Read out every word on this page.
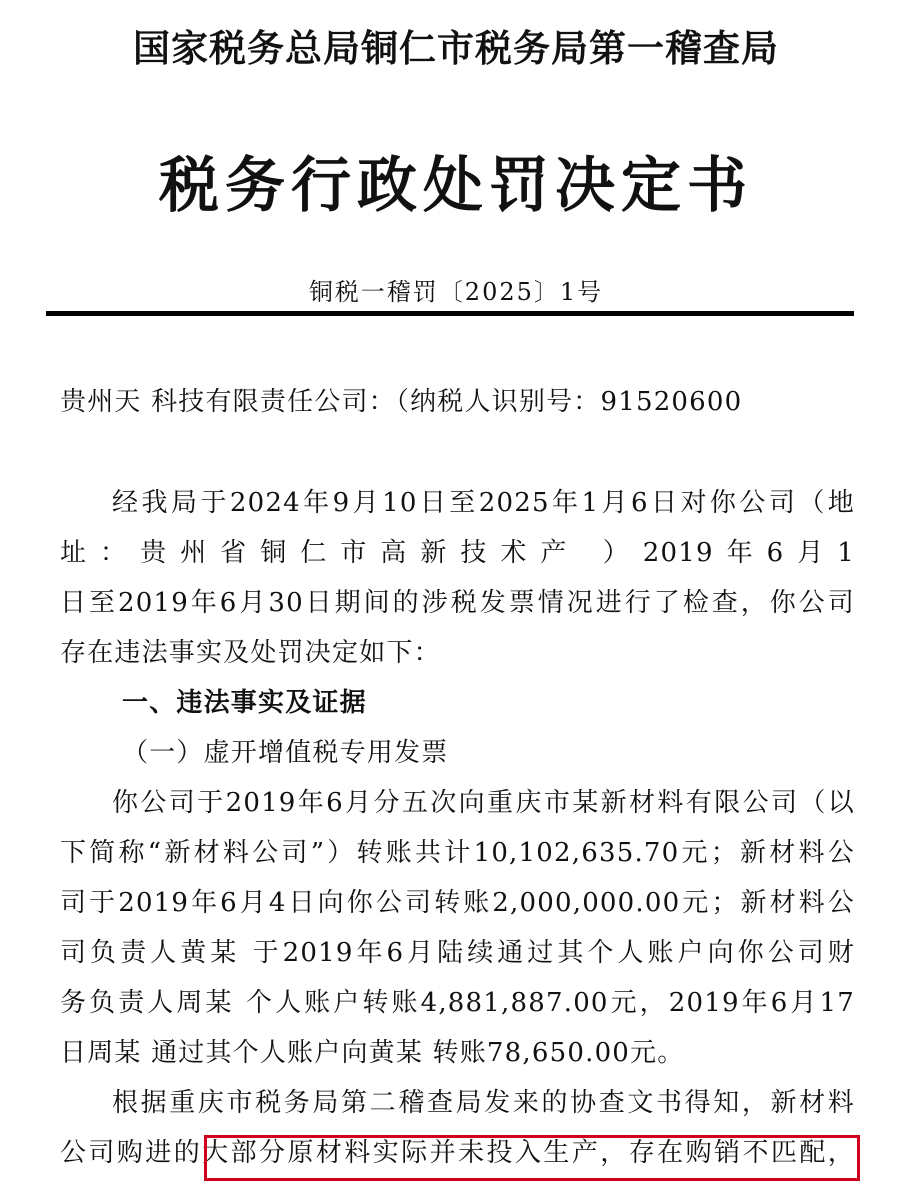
国家税务总局铜仁市税务局第一稽查局
税务行政处罚决定书
铜税一稽罚〔2025〕1号
贵州天 科技有限责任公司：（纳税人识别号：91520600
经我局于2024年9月10日至2025年1月6日对你公司（地
址：贵州省铜仁市高新技术产 ）2019年6月1
日至2019年6月30日期间的涉税发票情况进行了检查，你公司
存在违法事实及处罚决定如下：
一、违法事实及证据
（一）虚开增值税专用发票
你公司于2019年6月分五次向重庆市某新材料有限公司（以
下简称“新材料公司”）转账共计10,102,635.70元；新材料公
司于2019年6月4日向你公司转账2,000,000.00元；新材料公
司负责人黄某 于2019年6月陆续通过其个人账户向你公司财
务负责人周某 个人账户转账4,881,887.00元，2019年6月17
日周某 通过其个人账户向黄某 转账78,650.00元。
根据重庆市税务局第二稽查局发来的协查文书得知，新材料
公司购进的大部分原材料实际并未投入生产，存在购销不匹配，
